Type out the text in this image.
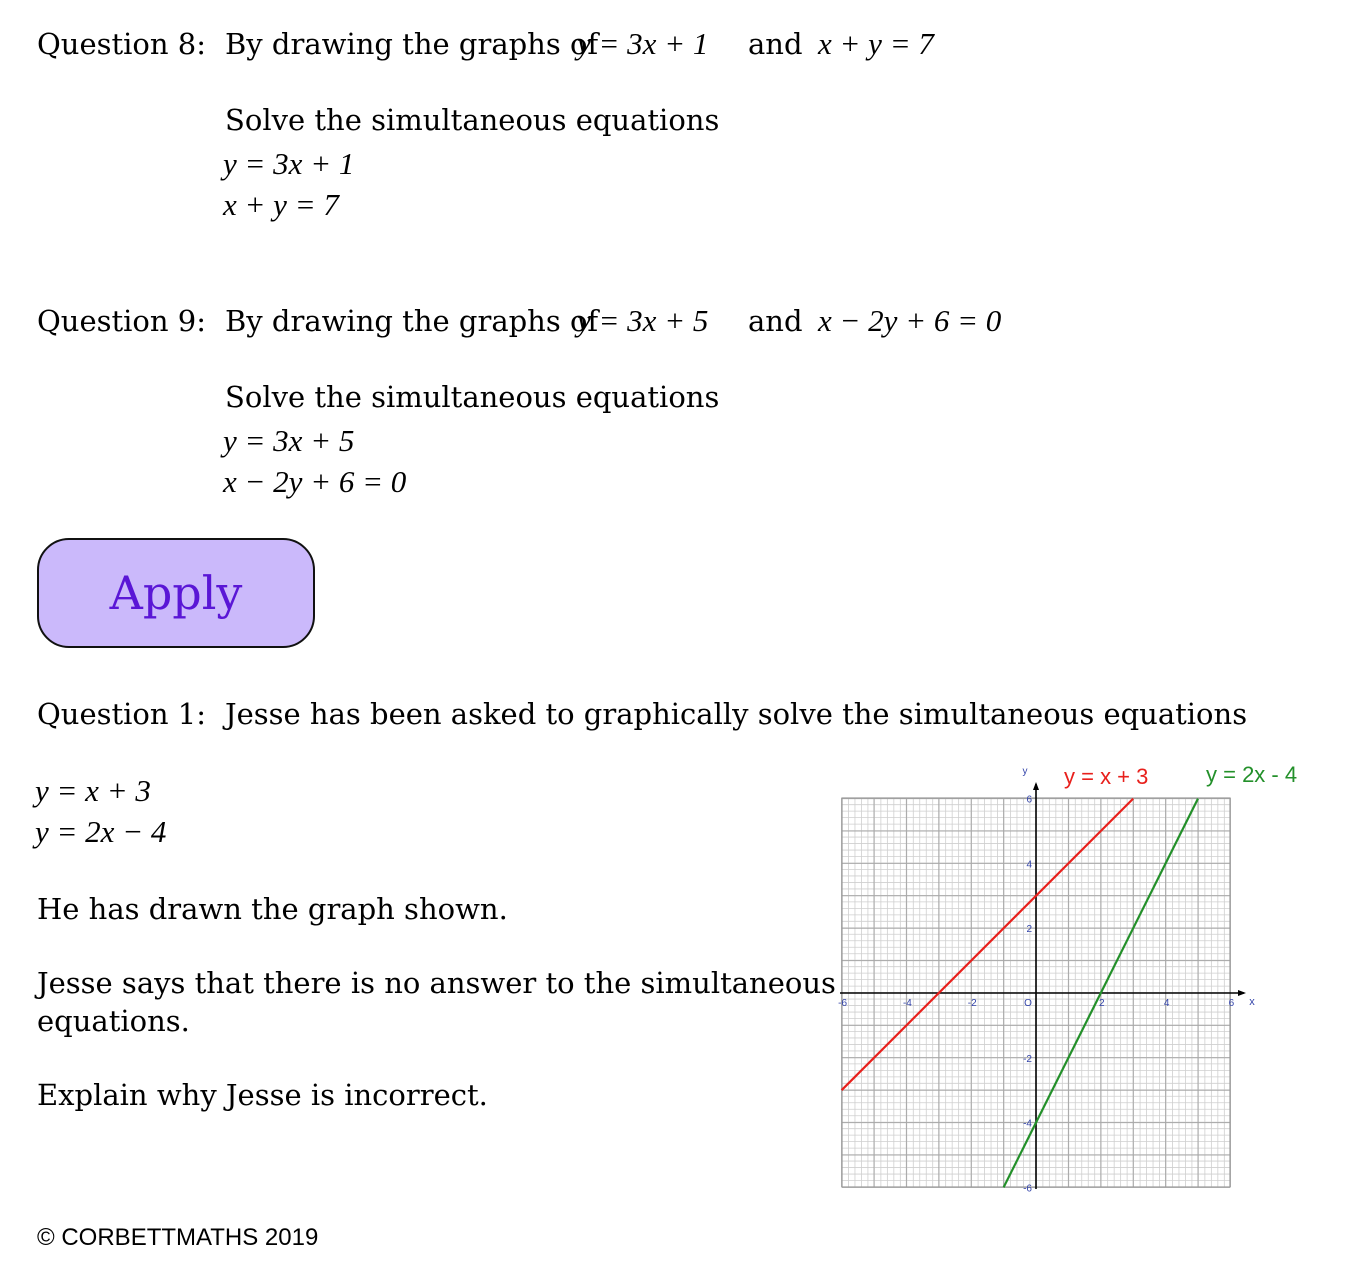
Question 8: By drawing the graphs of
y = 3x + 1 and x + y = 7
Solve the simultaneous equations
y = 3x + 1
x + y = 7
Question 9: By drawing the graphs of
y = 3x + 5 and x − 2y + 6 = 0
Solve the simultaneous equations
y = 3x + 5
x − 2y + 6 = 0
Apply
Question 1: Jesse has been asked to graphically solve the simultaneous equations
y = x + 3
y = 2x − 4
He has drawn the graph shown.
Jesse says that there is no answer to the simultaneous
equations.
Explain why Jesse is incorrect.
-6	-4	-2	2	4	6
-6
-4
-2
2
4
6
O	x
y y = x + 3	y = 2x - 4
© CORBETTMATHS 2019
